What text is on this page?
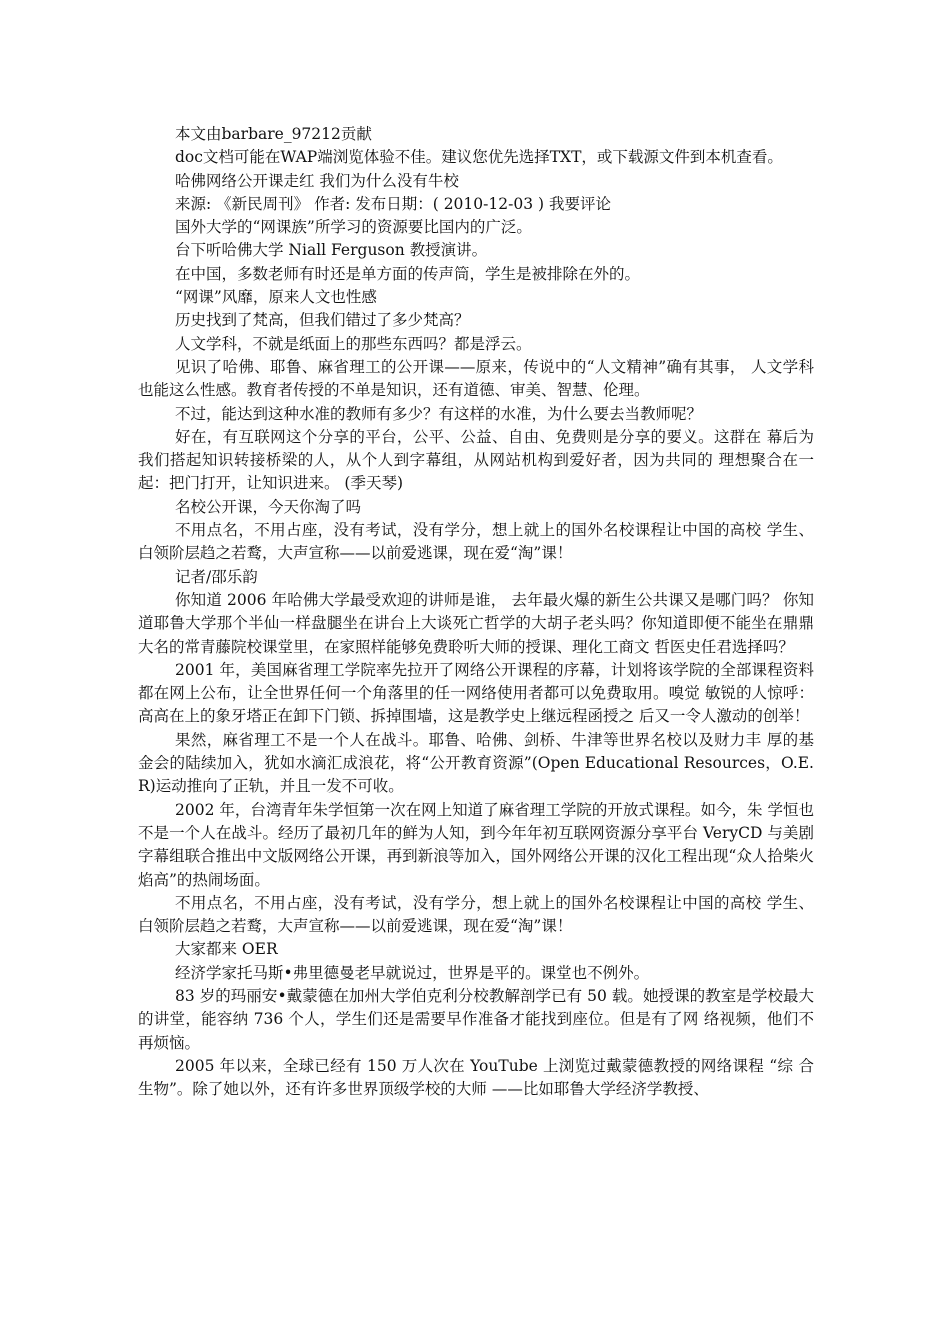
本文由barbare_97212贡献

doc文档可能在WAP端浏览体验不佳。建议您优先选择TXT，或下载源文件到本机查看。

哈佛网络公开课走红 我们为什么没有牛校

来源: 《新民周刊》 作者: 发布日期：( 2010-12-03 ) 我要评论

国外大学的“网课族”所学习的资源要比国内的广泛。

台下听哈佛大学 Niall Ferguson 教授演讲。

在中国，多数老师有时还是单方面的传声筒，学生是被排除在外的。

“网课”风靡，原来人文也性感

历史找到了梵高，但我们错过了多少梵高？

人文学科，不就是纸面上的那些东西吗？都是浮云。

见识了哈佛、耶鲁、麻省理工的公开课——原来，传说中的“人文精神”确有其事， 人文学科也能这么性感。教育者传授的不单是知识，还有道德、审美、智慧、伦理。

不过，能达到这种水准的教师有多少？有这样的水准，为什么要去当教师呢？

好在，有互联网这个分享的平台，公平、公益、自由、免费则是分享的要义。这群在 幕后为我们搭起知识转接桥梁的人，从个人到字幕组，从网站机构到爱好者，因为共同的 理想聚合在一起：把门打开，让知识进来。 (季天琴)

名校公开课，今天你淘了吗

不用点名，不用占座，没有考试，没有学分，想上就上的国外名校课程让中国的高校 学生、白领阶层趋之若鹜，大声宣称——以前爱逃课，现在爱“淘”课！

记者/邵乐韵

你知道 2006 年哈佛大学最受欢迎的讲师是谁， 去年最火爆的新生公共课又是哪门吗？ 你知道耶鲁大学那个半仙一样盘腿坐在讲台上大谈死亡哲学的大胡子老头吗？你知道即便不能坐在鼎鼎大名的常青藤院校课堂里，在家照样能够免费聆听大师的授课、理化工商文 哲医史任君选择吗？

2001 年，美国麻省理工学院率先拉开了网络公开课程的序幕，计划将该学院的全部课程资料都在网上公布，让全世界任何一个角落里的任一网络使用者都可以免费取用。嗅觉 敏锐的人惊呼：高高在上的象牙塔正在卸下门锁、拆掉围墙，这是教学史上继远程函授之 后又一令人激动的创举！

果然，麻省理工不是一个人在战斗。耶鲁、哈佛、剑桥、牛津等世界名校以及财力丰 厚的基金会的陆续加入，犹如水滴汇成浪花，将“公开教育资源”(Open Educational Resources，O.E.R)运动推向了正轨，并且一发不可收。

2002 年，台湾青年朱学恒第一次在网上知道了麻省理工学院的开放式课程。如今，朱 学恒也不是一个人在战斗。经历了最初几年的鲜为人知，到今年年初互联网资源分享平台 VeryCD 与美剧字幕组联合推出中文版网络公开课，再到新浪等加入，国外网络公开课的汉化工程出现“众人拾柴火焰高”的热闹场面。

不用点名，不用占座，没有考试，没有学分，想上就上的国外名校课程让中国的高校 学生、白领阶层趋之若鹜，大声宣称——以前爱逃课，现在爱“淘”课！

大家都来 OER

经济学家托马斯•弗里德曼老早就说过，世界是平的。课堂也不例外。

83 岁的玛丽安•戴蒙德在加州大学伯克利分校教解剖学已有 50 载。她授课的教室是学校最大的讲堂，能容纳 736 个人，学生们还是需要早作准备才能找到座位。但是有了网 络视频，他们不再烦恼。

2005 年以来，全球已经有 150 万人次在 YouTube 上浏览过戴蒙德教授的网络课程 “综 合生物”。除了她以外，还有许多世界顶级学校的大师 ——比如耶鲁大学经济学教授、
